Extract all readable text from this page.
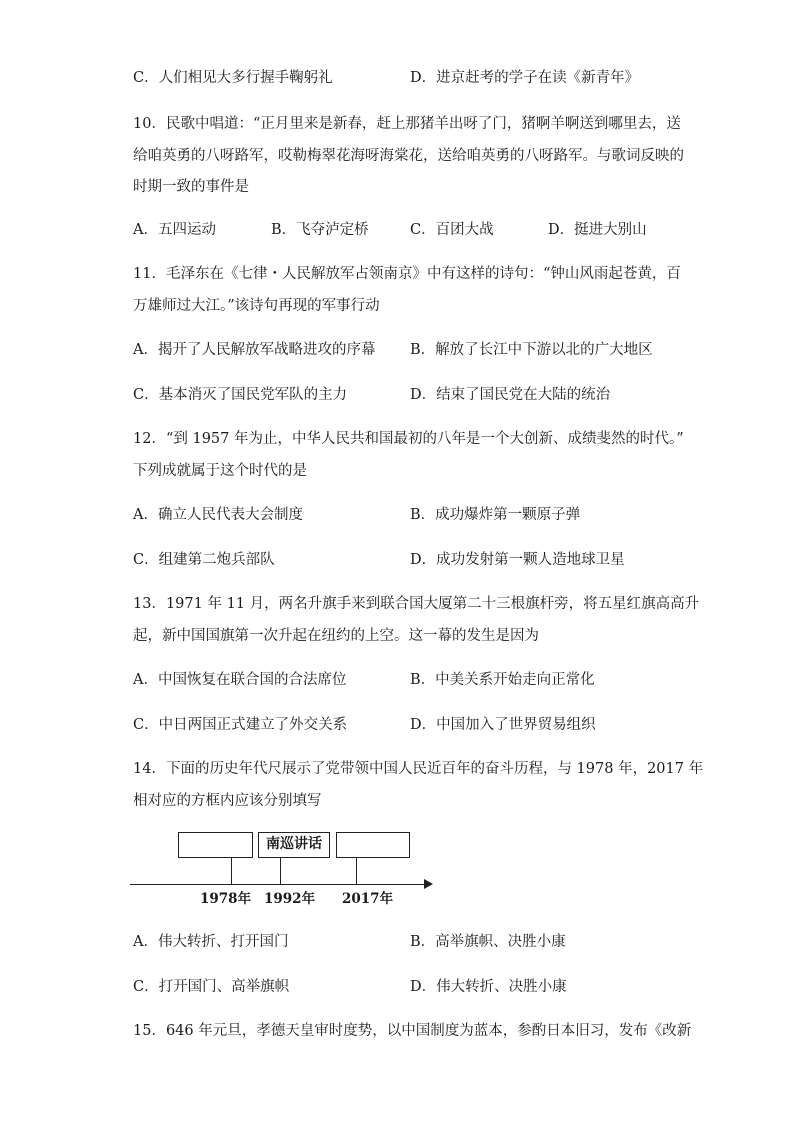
C．人们相见大多行握手鞠躬礼	D．进京赶考的学子在读《新青年》
10．民歌中唱道：“正月里来是新春，赶上那猪羊出呀了门，猪啊羊啊送到哪里去，送
给咱英勇的八呀路军，哎勒梅翠花海呀海棠花，送给咱英勇的八呀路军。与歌词反映的
时期一致的事件是
A．五四运动	B．飞夺泸定桥	C．百团大战	D．挺进大别山
11．毛泽东在《七律・人民解放军占领南京》中有这样的诗句：“钟山风雨起苍黄，百
万雄师过大江。”该诗句再现的军事行动
A．揭开了人民解放军战略进攻的序幕 B．解放了长江中下游以北的广大地区
C．基本消灭了国民党军队的主力	D．结束了国民党在大陆的统治
12．“到 1957 年为止，中华人民共和国最初的八年是一个大创新、成绩斐然的时代。”
下列成就属于这个时代的是
A．确立人民代表大会制度	B．成功爆炸第一颗原子弹
C．组建第二炮兵部队	D．成功发射第一颗人造地球卫星
13．1971 年 11 月，两名升旗手来到联合国大厦第二十三根旗杆旁，将五星红旗高高升
起，新中国国旗第一次升起在纽约的上空。这一幕的发生是因为
A．中国恢复在联合国的合法席位	B．中美关系开始走向正常化
C．中日两国正式建立了外交关系	D．中国加入了世界贸易组织
14．下面的历史年代尺展示了党带领中国人民近百年的奋斗历程，与 1978 年，2017 年
相对应的方框内应该分别填写
南巡讲话
1978年 1992年 2017年
A．伟大转折、打开国门	B．高举旗帜、决胜小康
C．打开国门、高举旗帜	D．伟大转折、决胜小康
15．646 年元旦，孝德天皇审时度势，以中国制度为蓝本，参酌日本旧习，发布《改新
